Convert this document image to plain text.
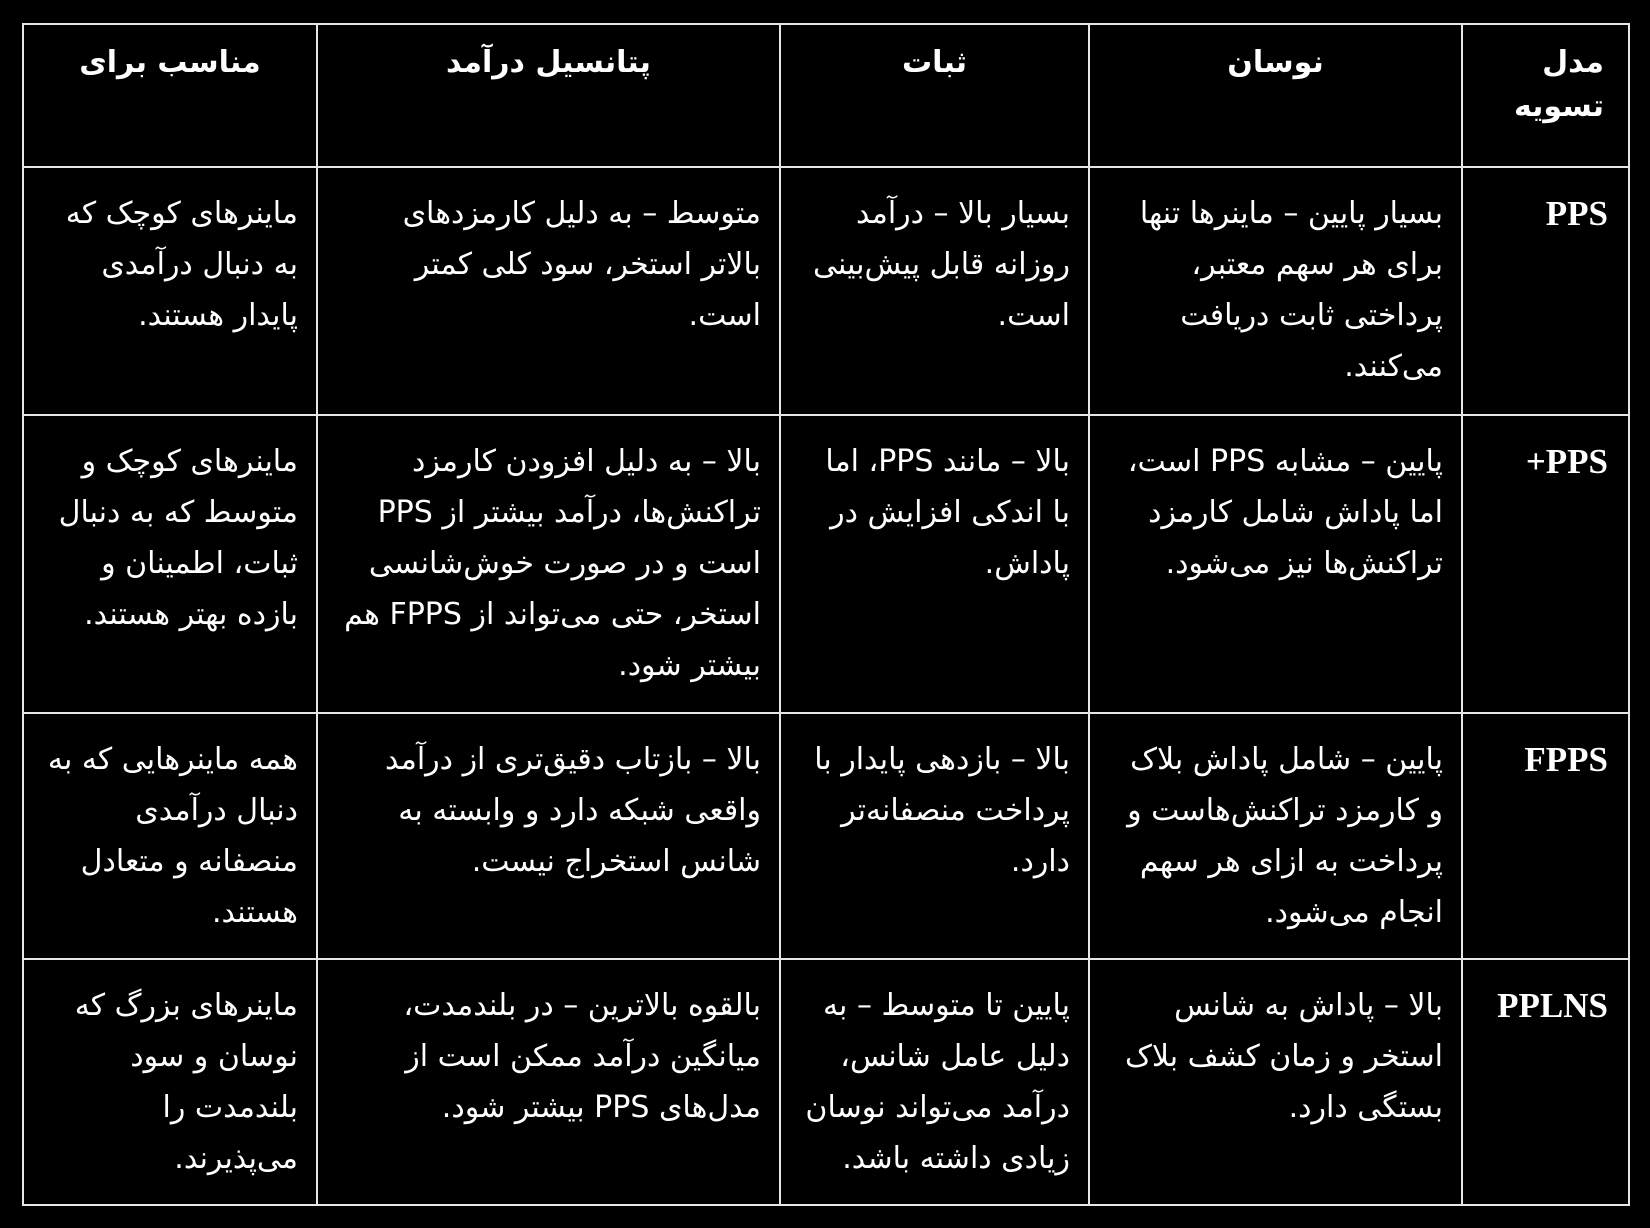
مدل تسویه	نوسان	ثبات	پتانسیل درآمد	مناسب برای
PPS	بسیار پایین – ماینرها تنها برای هر سهم معتبر، پرداختی ثابت دریافت می‌کنند.	بسیار بالا – درآمد روزانه قابل پیش‌بینی است.	متوسط – به دلیل کارمزدهای بالاتر استخر، سود کلی کمتر است.	ماینرهای کوچک که به دنبال درآمدی پایدار هستند.
PPS+	پایین – مشابه PPS است، اما پاداش شامل کارمزد تراکنش‌ها نیز می‌شود.	بالا – مانند PPS، اما با اندکی افزایش در پاداش.	بالا – به دلیل افزودن کارمزد تراکنش‌ها، درآمد بیشتر از PPS است و در صورت خوش‌شانسی استخر، حتی می‌تواند از FPPS هم بیشتر شود.	ماینرهای کوچک و متوسط که به دنبال ثبات، اطمینان و بازده بهتر هستند.
FPPS	پایین – شامل پاداش بلاک و کارمزد تراکنش‌هاست و پرداخت به ازای هر سهم انجام می‌شود.	بالا – بازدهی پایدار با پرداخت منصفانه‌تر دارد.	بالا – بازتاب دقیق‌تری از درآمد واقعی شبکه دارد و وابسته به شانس استخراج نیست.	همه ماینرهایی که به دنبال درآمدی منصفانه و متعادل هستند.
PPLNS	بالا – پاداش به شانس استخر و زمان کشف بلاک بستگی دارد.	پایین تا متوسط – به دلیل عامل شانس، درآمد می‌تواند نوسان زیادی داشته باشد.	بالقوه بالاترین – در بلندمدت، میانگین درآمد ممکن است از مدل‌های PPS بیشتر شود.	ماینرهای بزرگ که نوسان و سود بلندمدت را می‌پذیرند.
